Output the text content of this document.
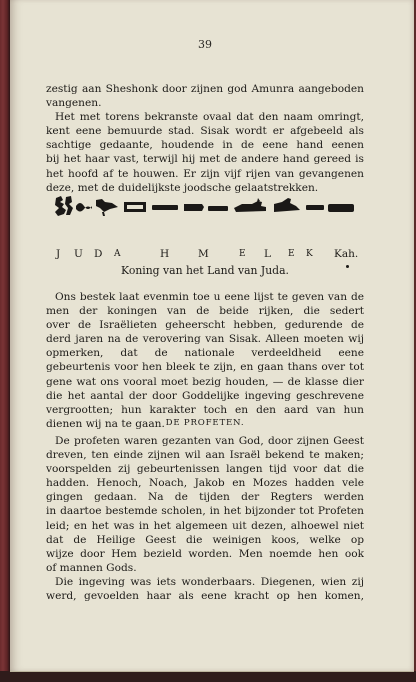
39
zestig aan Sheshonk door zijnen god Amunra aangeboden
vangenen.
Het met torens bekranste ovaal dat den naam omringt,
kent eene bemuurde stad. Sisak wordt er afgebeeld als
sachtige gedaante, houdende in de eene hand eenen
bij het haar vast, terwijl hij met de andere hand gereed is
het hoofd af te houwen. Er zijn vijf rijen van gevangenen
deze, met de duidelijkste joodsche gelaatstrekken.
J U D A	H	M	E L E K Kah.
Koning van het Land van Juda.
Ons bestek laat evenmin toe u eene lijst te geven van de
men der koningen van de beide rijken, die sedert
over de Israëlieten geheerscht hebben, gedurende de
derd jaren na de verovering van Sisak. Alleen moeten wij
opmerken, dat de nationale verdeeldheid eene
gebeurtenis voor hen bleek te zijn, en gaan thans over tot
gene wat ons vooral moet bezig houden, — de klasse dier
die het aantal der door Goddelijke ingeving geschrevene
vergrootten; hun karakter toch en den aard van hun
dienen wij na te gaan. DE PROFETEN.
De profeten waren gezanten van God, door zijnen Geest
dreven, ten einde zijnen wil aan Israël bekend te maken;
voorspelden zij gebeurtenissen langen tijd voor dat die
hadden. Henoch, Noach, Jakob en Mozes hadden vele
gingen gedaan. Na de tijden der Regters werden
in daartoe bestemde scholen, in het bijzonder tot Profeten
leid; en het was in het algemeen uit dezen, alhoewel niet
dat de Heilige Geest die weinigen koos, welke op
wijze door Hem bezield worden. Men noemde hen ook
of mannen Gods.
Die ingeving was iets wonderbaars. Diegenen, wien zij
werd, gevoelden haar als eene kracht op hen komen,
